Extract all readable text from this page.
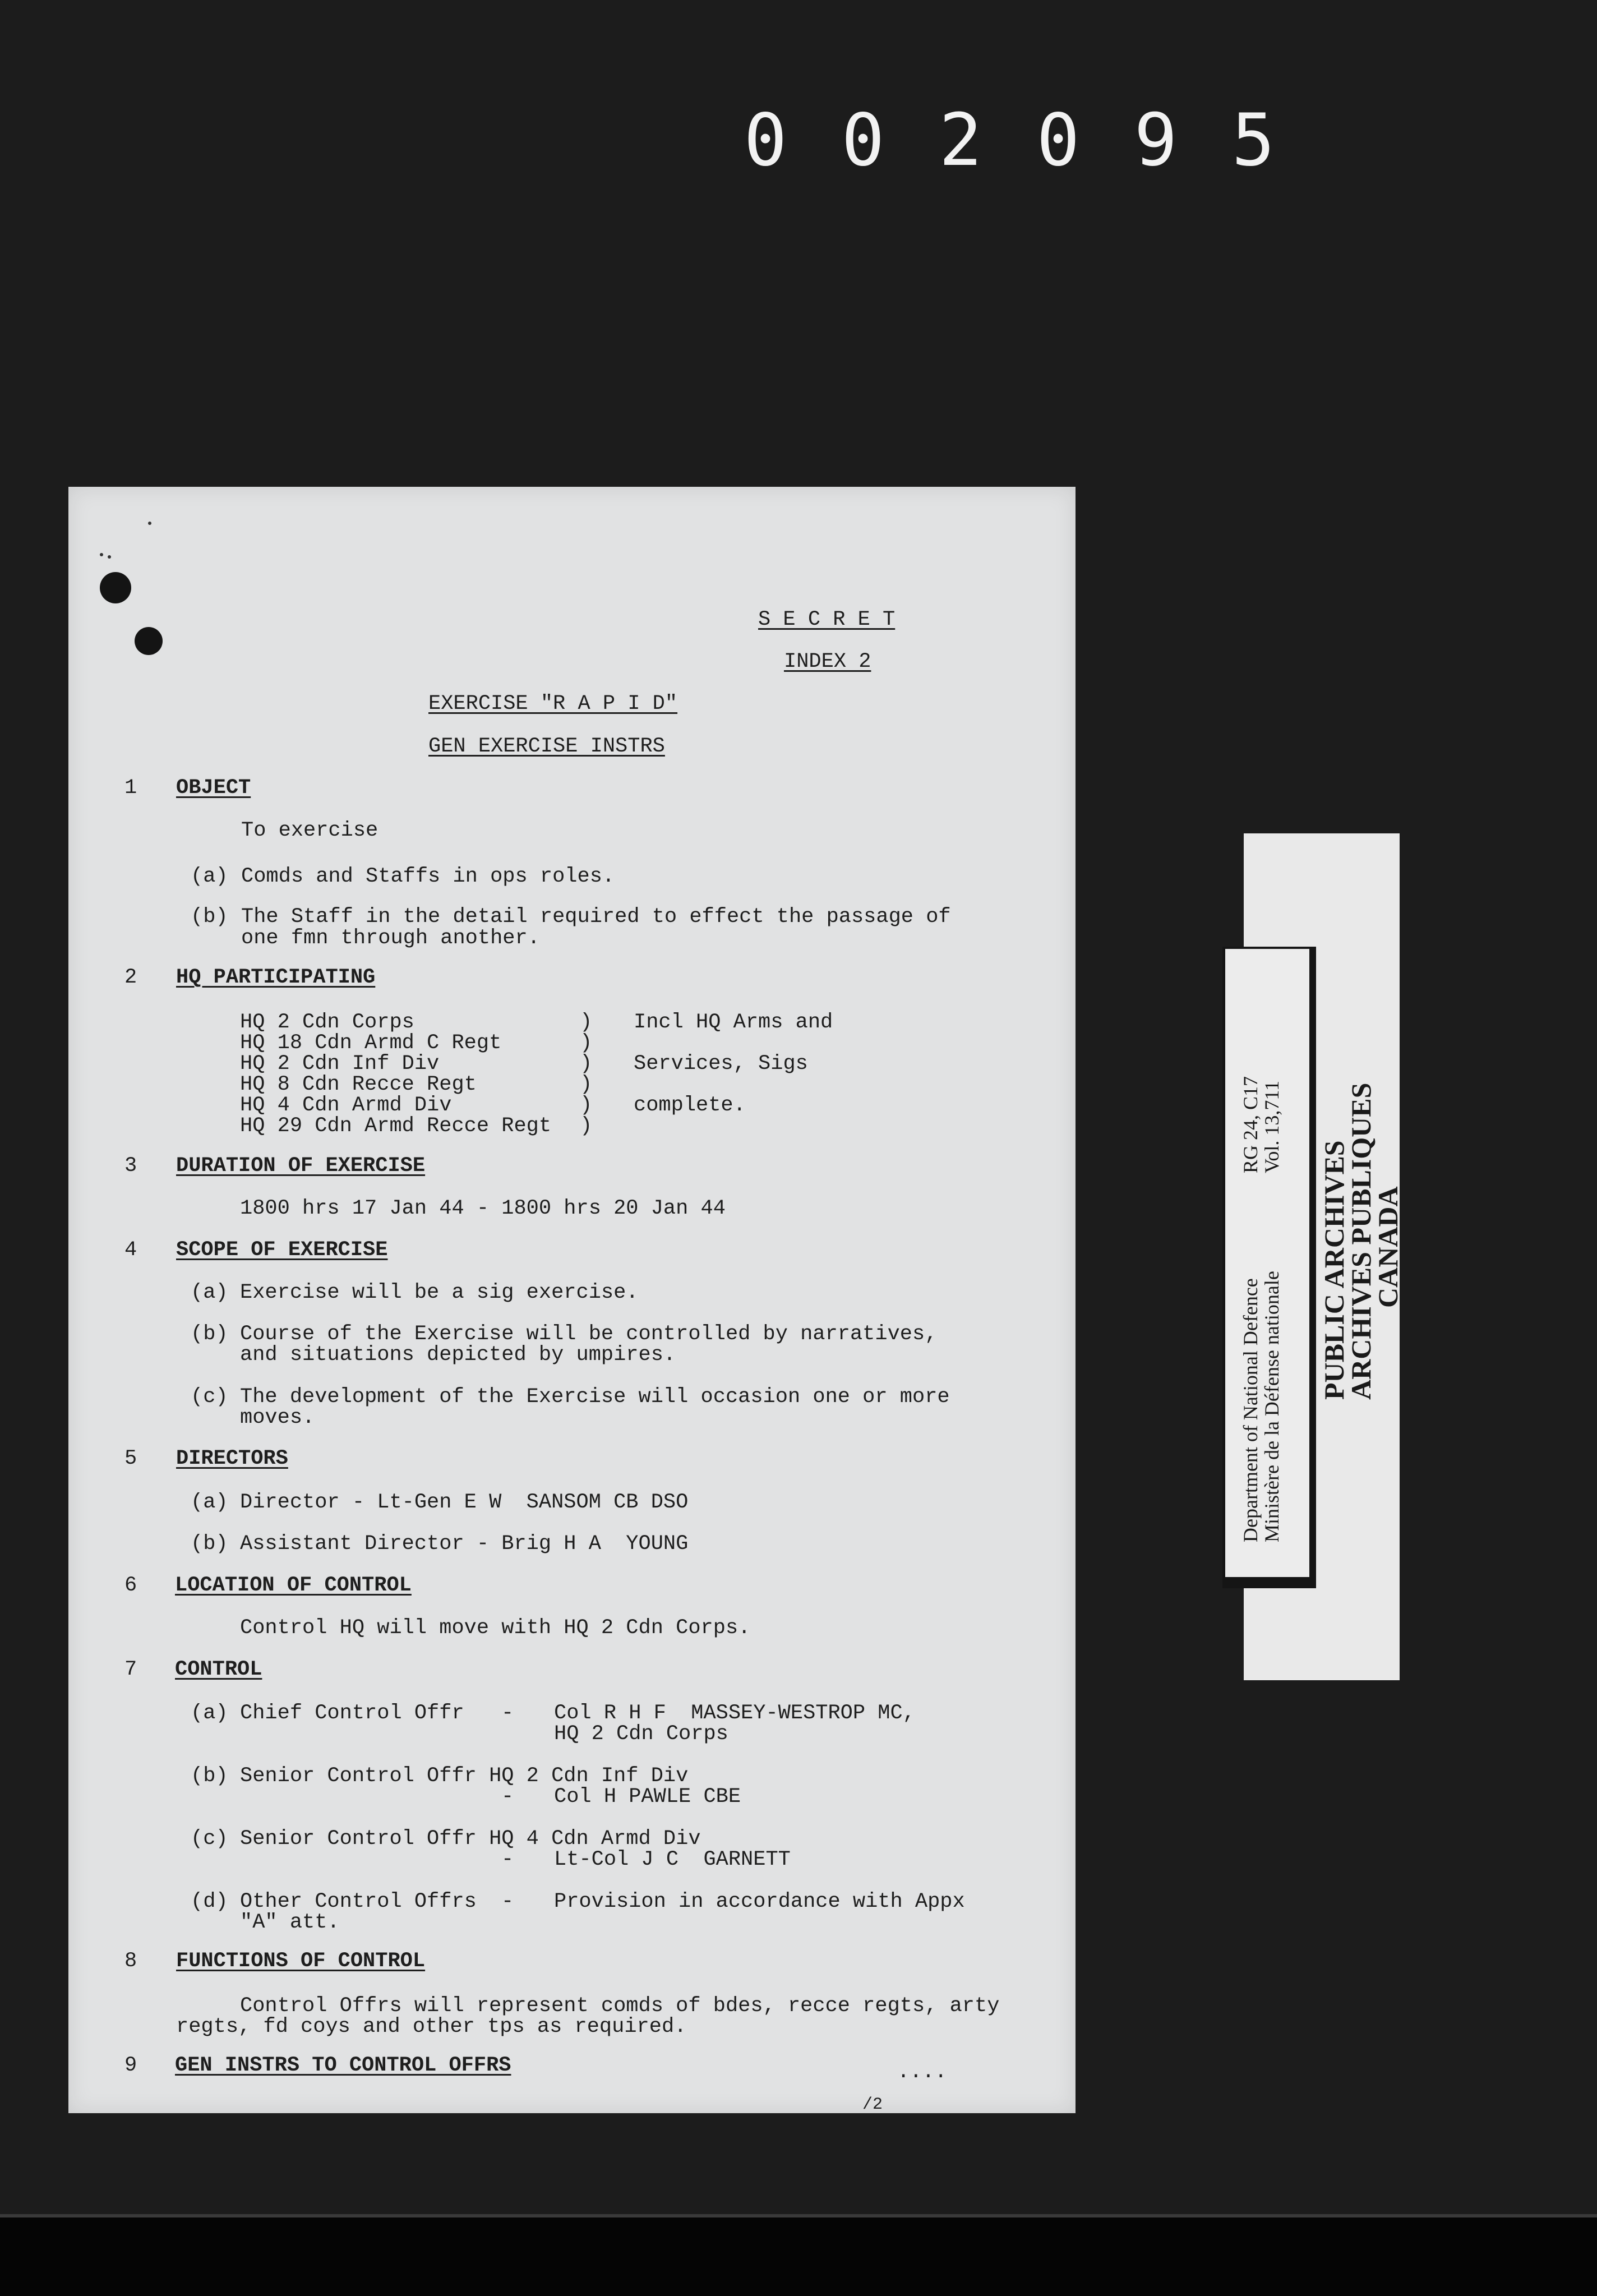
0 0 2 0 9 5
S E C R E T
INDEX 2
EXERCISE "R A P I D"
GEN EXERCISE INSTRS
1 OBJECT
To exercise
(a) Comds and Staffs in ops roles.
(b) The Staff in the detail required to effect the passage of
one fmn through another.
2 HQ PARTICIPATING
HQ 2 Cdn Corps
HQ 18 Cdn Armd C Regt
HQ 2 Cdn Inf Div
HQ 8 Cdn Recce Regt
HQ 4 Cdn Armd Div
HQ 29 Cdn Armd Recce Regt
)
)
)
)
)
)
Incl HQ Arms and
Services, Sigs
complete.
3 DURATION OF EXERCISE
1800 hrs 17 Jan 44 - 1800 hrs 20 Jan 44
4 SCOPE OF EXERCISE
(a) Exercise will be a sig exercise.
(b) Course of the Exercise will be controlled by narratives,
and situations depicted by umpires.
(c) The development of the Exercise will occasion one or more
moves.
5 DIRECTORS
(a) Director - Lt-Gen E W  SANSOM CB DSO
(b) Assistant Director - Brig H A  YOUNG
6 LOCATION OF CONTROL
Control HQ will move with HQ 2 Cdn Corps.
7 CONTROL
(a) Chief Control Offr - Col R H F  MASSEY-WESTROP MC,
HQ 2 Cdn Corps
(b) Senior Control Offr HQ 2 Cdn Inf Div
- Col H PAWLE CBE
(c) Senior Control Offr HQ 4 Cdn Armd Div
- Lt-Col J C  GARNETT
(d) Other Control Offrs
"A" att.
- Provision in accordance with Appx
8 FUNCTIONS OF CONTROL
Control Offrs will represent comds of bdes, recce regts, arty
regts, fd coys and other tps as required.
9 GEN INSTRS TO CONTROL OFFRS	....
/2
PUBLIC ARCHIVES
ARCHIVES PUBLIQUES
CANADA
Department of National Defence
Ministère de la Défense nationale
RG 24, C17
Vol. 13,711
